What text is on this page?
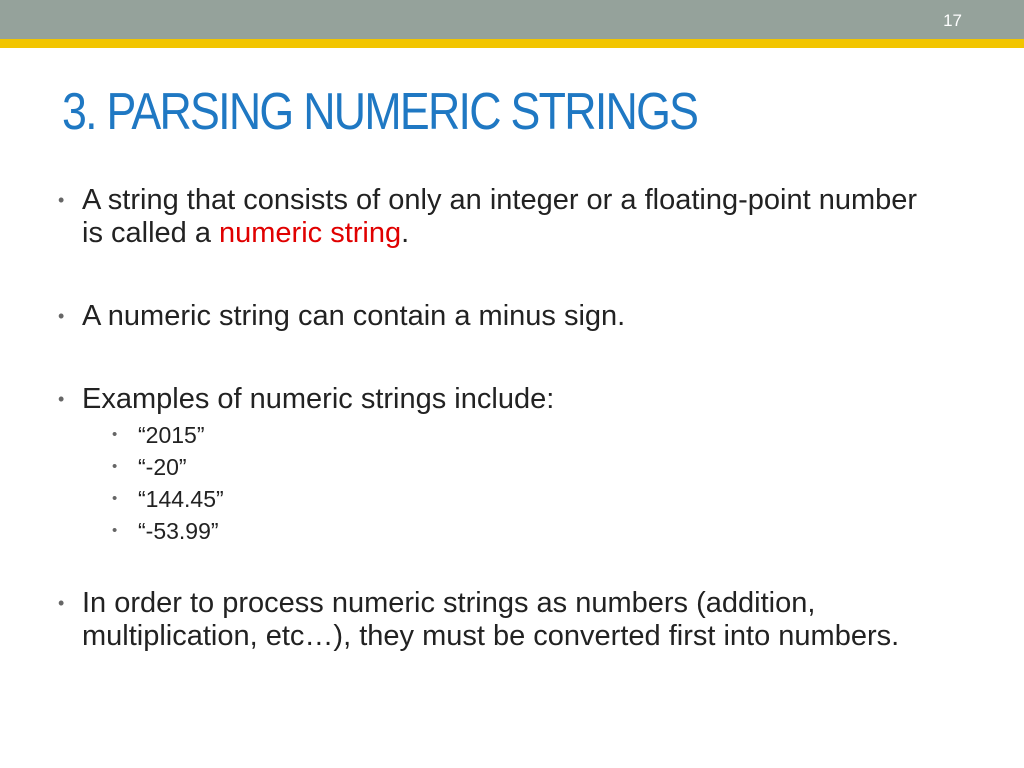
17
3. PARSING NUMERIC STRINGS

• A string that consists of only an integer or a floating-point number is called a numeric string.

• A numeric string can contain a minus sign.

• Examples of numeric strings include:
• “2015”
• “-20”
• “144.45”
• “-53.99”

• In order to process numeric strings as numbers (addition, multiplication, etc…), they must be converted first into numbers.
